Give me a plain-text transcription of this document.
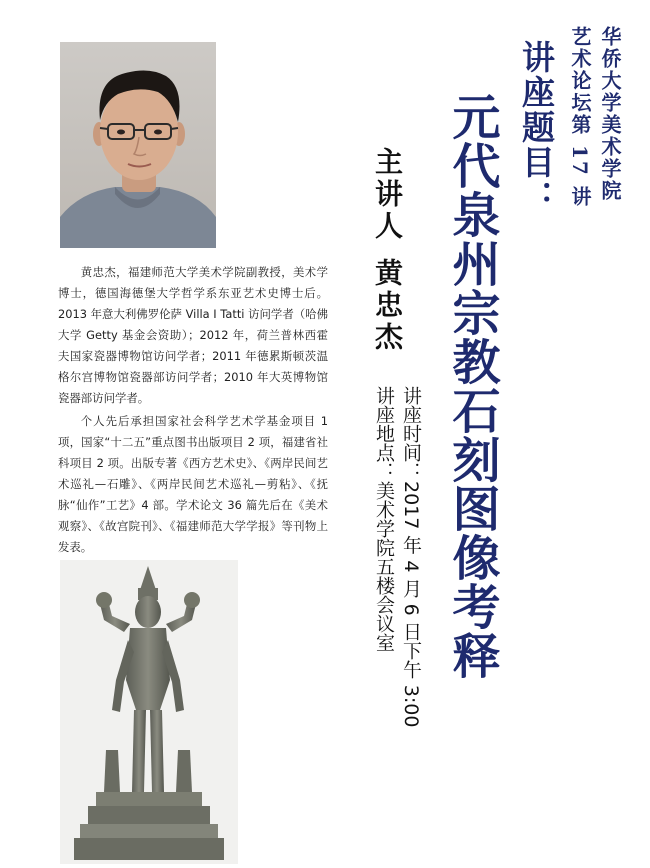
华侨大学美术学院
艺术论坛第 17 讲
讲座题目：
元代泉州宗教石刻图像考释
主讲人
黄忠杰
讲座时间：2017 年 4 月 6 日下午 3:00
讲座地点：美术学院五楼会议室

黄忠杰，福建师范大学美术学院副教授，美术学博士，德国海德堡大学哲学系东亚艺术史博士后。2013 年意大利佛罗伦萨 Villa I Tatti 访问学者（哈佛大学 Getty 基金会资助）；2012 年，荷兰普林西霍夫国家瓷器博物馆访问学者；2011 年德累斯顿茨温格尔宫博物馆瓷器部访问学者；2010 年大英博物馆瓷器部访问学者。

个人先后承担国家社会科学艺术学基金项目 1 项，国家“十二五”重点图书出版项目 2 项，福建省社科项目 2 项。出版专著《西方艺术史》、《两岸民间艺术巡礼—石雕》、《两岸民间艺术巡礼—剪粘》、《抚脉“仙作”工艺》4 部。学术论文 36 篇先后在《美术观察》、《故宫院刊》、《福建师范大学学报》等刊物上发表。
